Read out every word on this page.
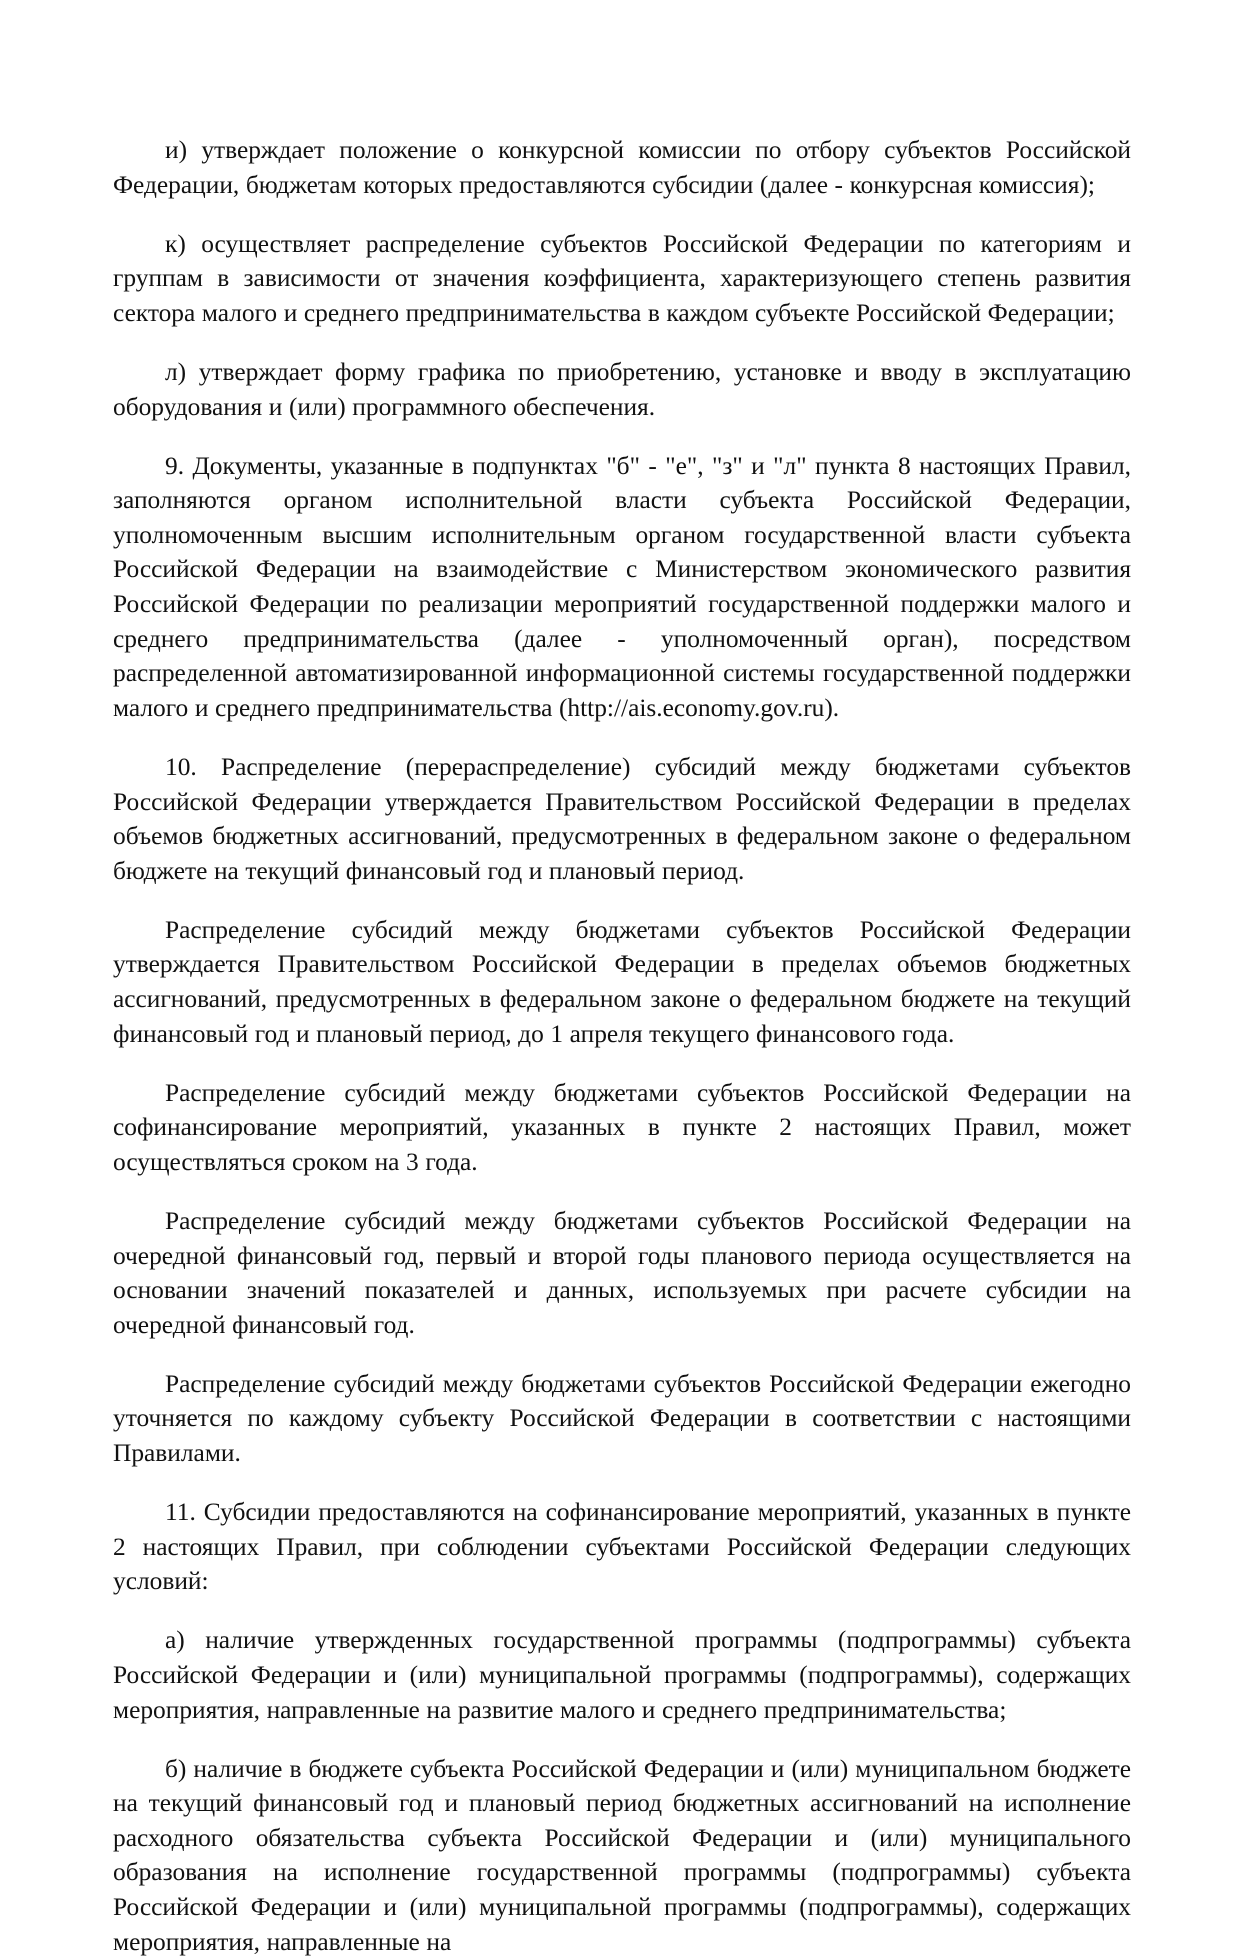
и) утверждает положение о конкурсной комиссии по отбору субъектов Российской Федерации, бюджетам которых предоставляются субсидии (далее - конкурсная комиссия);

к) осуществляет распределение субъектов Российской Федерации по категориям и группам в зависимости от значения коэффициента, характеризующего степень развития сектора малого и среднего предпринимательства в каждом субъекте Российской Федерации;

л) утверждает форму графика по приобретению, установке и вводу в эксплуатацию оборудования и (или) программного обеспечения.

9. Документы, указанные в подпунктах "б" - "е", "з" и "л" пункта 8 настоящих Правил, заполняются органом исполнительной власти субъекта Российской Федерации, уполномоченным высшим исполнительным органом государственной власти субъекта Российской Федерации на взаимодействие с Министерством экономического развития Российской Федерации по реализации мероприятий государственной поддержки малого и среднего предпринимательства (далее - уполномоченный орган), посредством распределенной автоматизированной информационной системы государственной поддержки малого и среднего предпринимательства (http://ais.economy.gov.ru).

10. Распределение (перераспределение) субсидий между бюджетами субъектов Российской Федерации утверждается Правительством Российской Федерации в пределах объемов бюджетных ассигнований, предусмотренных в федеральном законе о федеральном бюджете на текущий финансовый год и плановый период.

Распределение субсидий между бюджетами субъектов Российской Федерации утверждается Правительством Российской Федерации в пределах объемов бюджетных ассигнований, предусмотренных в федеральном законе о федеральном бюджете на текущий финансовый год и плановый период, до 1 апреля текущего финансового года.

Распределение субсидий между бюджетами субъектов Российской Федерации на софинансирование мероприятий, указанных в пункте 2 настоящих Правил, может осуществляться сроком на 3 года.

Распределение субсидий между бюджетами субъектов Российской Федерации на очередной финансовый год, первый и второй годы планового периода осуществляется на основании значений показателей и данных, используемых при расчете субсидии на очередной финансовый год.

Распределение субсидий между бюджетами субъектов Российской Федерации ежегодно уточняется по каждому субъекту Российской Федерации в соответствии с настоящими Правилами.

11. Субсидии предоставляются на софинансирование мероприятий, указанных в пункте 2 настоящих Правил, при соблюдении субъектами Российской Федерации следующих условий:

а) наличие утвержденных государственной программы (подпрограммы) субъекта Российской Федерации и (или) муниципальной программы (подпрограммы), содержащих мероприятия, направленные на развитие малого и среднего предпринимательства;

б) наличие в бюджете субъекта Российской Федерации и (или) муниципальном бюджете на текущий финансовый год и плановый период бюджетных ассигнований на исполнение расходного обязательства субъекта Российской Федерации и (или) муниципального образования на исполнение государственной программы (подпрограммы) субъекта Российской Федерации и (или) муниципальной программы (подпрограммы), содержащих мероприятия, направленные на
